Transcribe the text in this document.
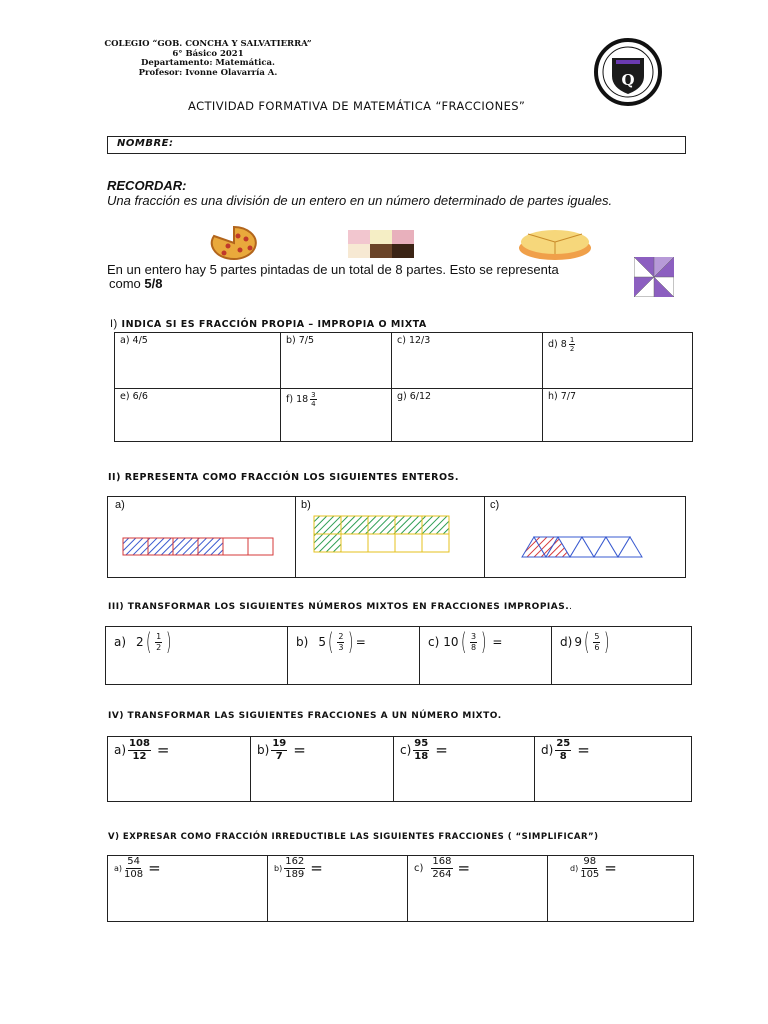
COLEGIO “GOB. CONCHA Y SALVATIERRA”
6° Básico 2021
Departamento: Matemática.
Profesor: Ivonne Olavarría A.	Q
ACTIVIDAD FORMATIVA DE MATEMÁTICA “FRACCIONES”
NOMBRE:
RECORDAR:
Una fracción es una división de un entero en un número determinado de partes iguales.
En un entero hay 5 partes pintadas de un total de 8 partes. Esto se representa
como 5/8
I) INDICA SI ES FRACCIÓN PROPIA – IMPROPIA O MIXTA
a) 4/5	b) 7/5	c) 12/3	d) $8 \frac{1}{2}$

e) 6/6	f) $18 \frac{3}{4}$	g) 6/12	h) 7/7
II) REPRESENTA COMO FRACCIÓN LOS SIGUIENTES ENTEROS.
a)	b)	c)
III) TRANSFORMAR LOS SIGUIENTES NÚMEROS MIXTOS EN FRACCIONES IMPROPIAS..
a) 2 ( $\frac{1}{2}$ )	b) 5 ( $\frac{2}{3}$ ) =	c) 10 ( $\frac{3}{8}$ ) =	d) 9 ( $\frac{5}{6}$ )
IV) TRANSFORMAR LAS SIGUIENTES FRACCIONES A UN NÚMERO MIXTO.
$a) \frac{108}{12}$ =	$b) \frac{19}{7}$ =	$c) \frac{95}{18}$ =	$d) \frac{25}{8}$ =
V) EXPRESAR COMO FRACCIÓN IRREDUCTIBLE LAS SIGUIENTES FRACCIONES ( “SIMPLIFICAR”)
$a) \frac{54}{108}$ =	$b) \frac{162}{189}$ =	$c) \frac{168}{264}$ =	$d) \frac{98}{105}$ =
